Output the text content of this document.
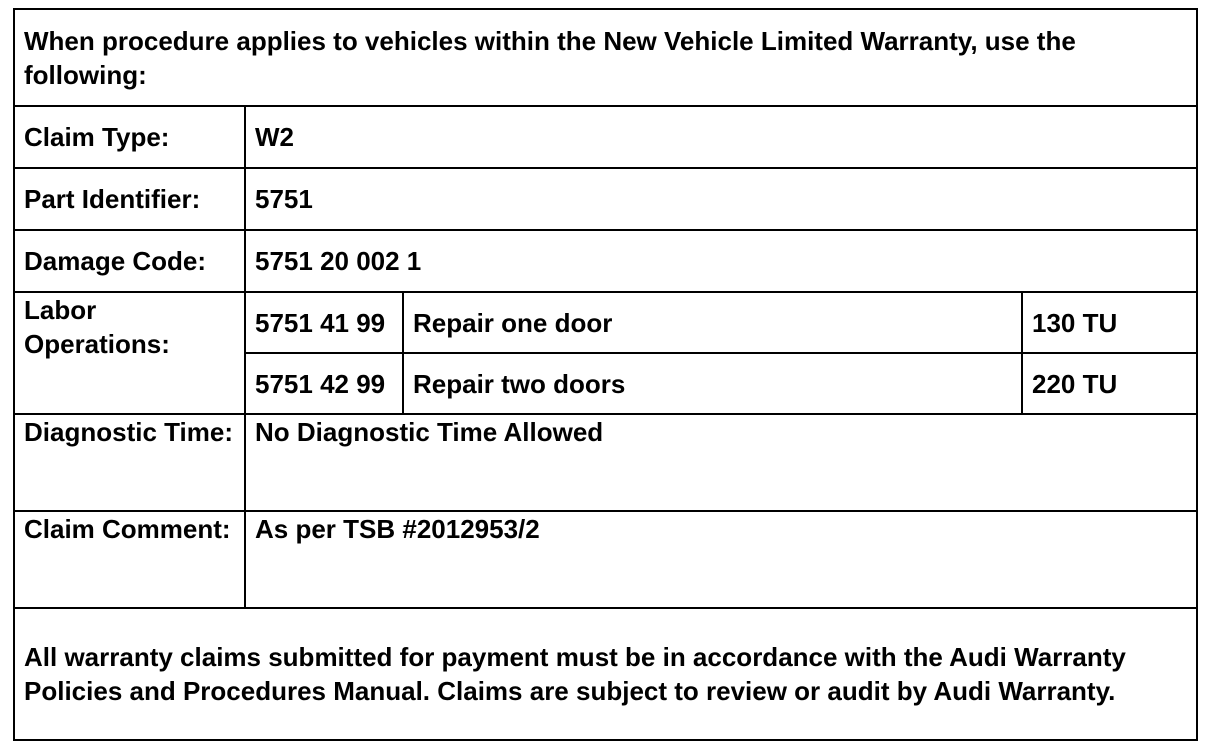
When procedure applies to vehicles within the New Vehicle Limited Warranty, use the following:			
Claim Type:	W2		
Part Identifier:	5751		
Damage Code:	5751 20 002 1		
Labor Operations:	5751 41 99	Repair one door	130 TU
	5751 42 99	Repair two doors	220 TU
Diagnostic Time:	No Diagnostic Time Allowed		
Claim Comment:	As per TSB #2012953/2		
All warranty claims submitted for payment must be in accordance with the Audi Warranty Policies and Procedures Manual. Claims are subject to review or audit by Audi Warranty.			
